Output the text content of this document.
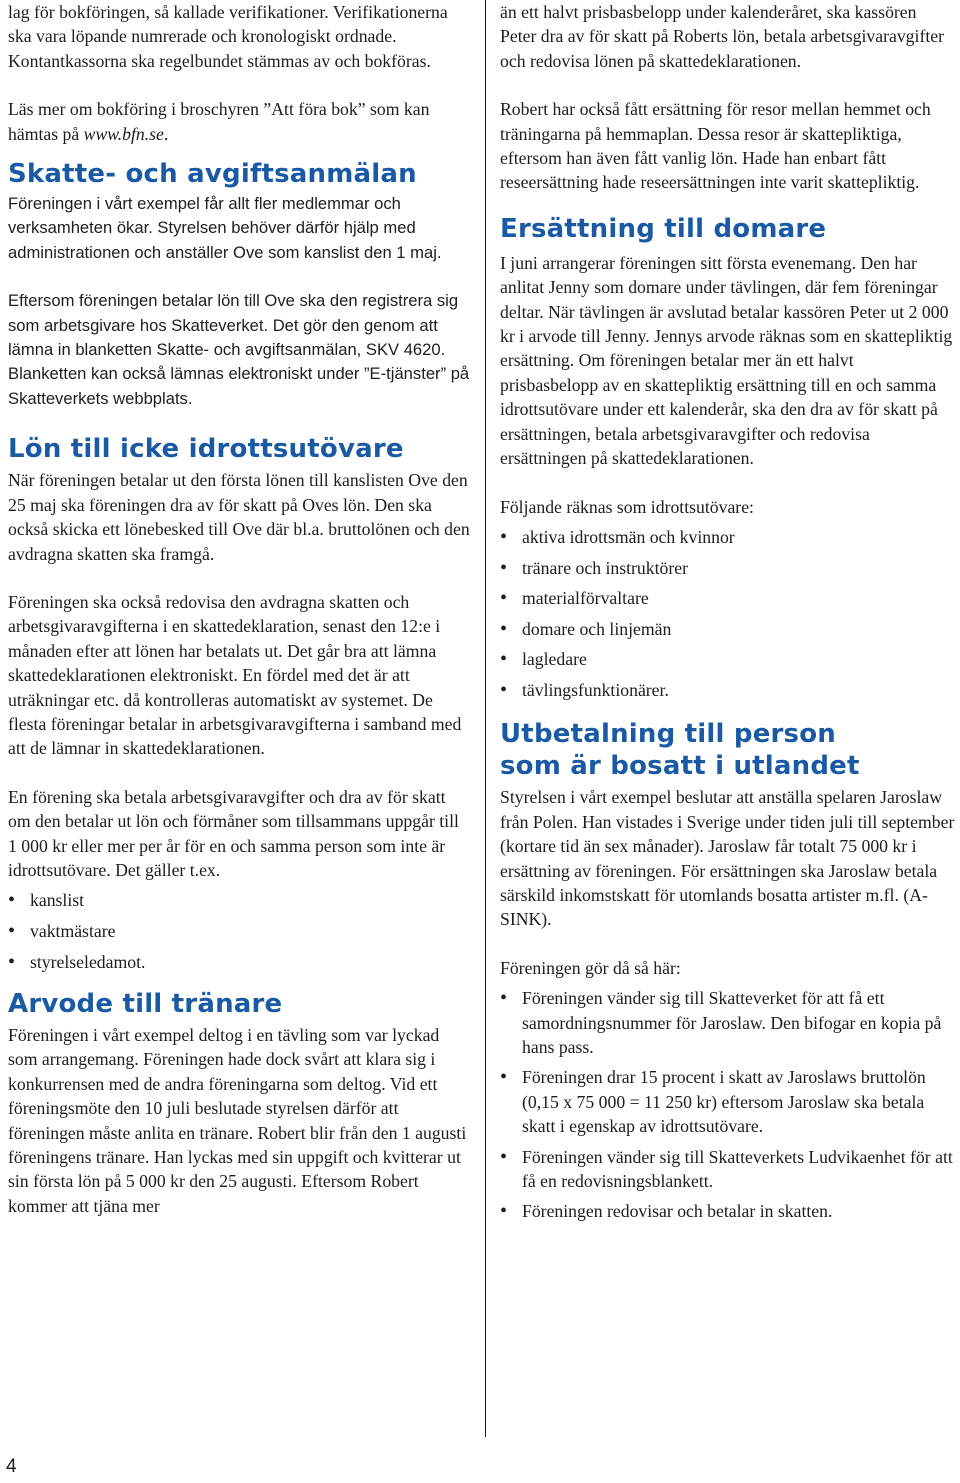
lag för bokföringen, så kallade verifikationer. Verifikationerna ska vara löpande numrerade och kronologiskt ordnade. Kontantkassorna ska regelbundet stämmas av och bokföras.

Läs mer om bokföring i broschyren ”Att föra bok” som kan hämtas på www.bfn.se.

Skatte- och avgiftsanmälan

Föreningen i vårt exempel får allt fler medlemmar och verksamheten ökar. Styrelsen behöver därför hjälp med administrationen och anställer Ove som kanslist den 1 maj.

Eftersom föreningen betalar lön till Ove ska den registrera sig som arbetsgivare hos Skatteverket. Det gör den genom att lämna in blanketten Skatte- och avgiftsanmälan, SKV 4620. Blanketten kan också lämnas elektroniskt under ”E-tjänster” på Skatteverkets webbplats.

Lön till icke idrottsutövare

När föreningen betalar ut den första lönen till kanslisten Ove den 25 maj ska föreningen dra av för skatt på Oves lön. Den ska också skicka ett lönebesked till Ove där bl.a. bruttolönen och den avdragna skatten ska framgå.

Föreningen ska också redovisa den avdragna skatten och arbetsgivaravgifterna i en skattedeklaration, senast den 12:e i månaden efter att lönen har betalats ut. Det går bra att lämna skattedeklarationen elektroniskt. En fördel med det är att uträkningar etc. då kontrolleras automatiskt av systemet. De flesta föreningar betalar in arbetsgivaravgifterna i samband med att de lämnar in skattedeklarationen.

En förening ska betala arbetsgivaravgifter och dra av för skatt om den betalar ut lön och förmåner som tillsammans uppgår till 1 000 kr eller mer per år för en och samma person som inte är idrottsutövare. Det gäller t.ex.

• kanslist
• vaktmästare
• styrelseledamot.
Arvode till tränare

Föreningen i vårt exempel deltog i en tävling som var lyckad som arrangemang. Föreningen hade dock svårt att klara sig i konkurrensen med de andra föreningarna som deltog. Vid ett föreningsmöte den 10 juli beslutade styrelsen därför att föreningen måste anlita en tränare. Robert blir från den 1 augusti föreningens tränare. Han lyckas med sin uppgift och kvitterar ut sin första lön på 5 000 kr den 25 augusti. Eftersom Robert kommer att tjäna mer

än ett halvt prisbasbelopp under kalenderåret, ska kassören Peter dra av för skatt på Roberts lön, betala arbetsgivaravgifter och redovisa lönen på skattedeklarationen.

Robert har också fått ersättning för resor mellan hemmet och träningarna på hemmaplan. Dessa resor är skattepliktiga, eftersom han även fått vanlig lön. Hade han enbart fått reseersättning hade reseersättningen inte varit skattepliktig.

Ersättning till domare

I juni arrangerar föreningen sitt första evenemang. Den har anlitat Jenny som domare under tävlingen, där fem föreningar deltar. När tävlingen är avslutad betalar kassören Peter ut 2 000 kr i arvode till Jenny. Jennys arvode räknas som en skattepliktig ersättning. Om föreningen betalar mer än ett halvt prisbasbelopp av en skattepliktig ersättning till en och samma idrottsutövare under ett kalenderår, ska den dra av för skatt på ersättningen, betala arbetsgivaravgifter och redovisa ersättningen på skattedeklarationen.

Följande räknas som idrottsutövare:

• aktiva idrottsmän och kvinnor
• tränare och instruktörer
• materialförvaltare
• domare och linjemän
• lagledare
• tävlingsfunktionärer.
Utbetalning till person
som är bosatt i utlandet

Styrelsen i vårt exempel beslutar att anställa spelaren Jaroslaw från Polen. Han vistades i Sverige under tiden juli till september (kortare tid än sex månader). Jaroslaw får totalt 75 000 kr i ersättning av föreningen. För ersättningen ska Jaroslaw betala särskild inkomstskatt för utomlands bosatta artister m.fl. (A-SINK).

Föreningen gör då så här:

• Föreningen vänder sig till Skatteverket för att få ett samordningsnummer för Jaroslaw. Den bifogar en kopia på hans pass.
• Föreningen drar 15 procent i skatt av Jaroslaws bruttolön (0,15 x 75 000 = 11 250 kr) eftersom Jaroslaw ska betala skatt i egenskap av idrottsutövare.
• Föreningen vänder sig till Skatteverkets Ludvikaenhet för att få en redovisningsblankett.
• Föreningen redovisar och betalar in skatten.
4
